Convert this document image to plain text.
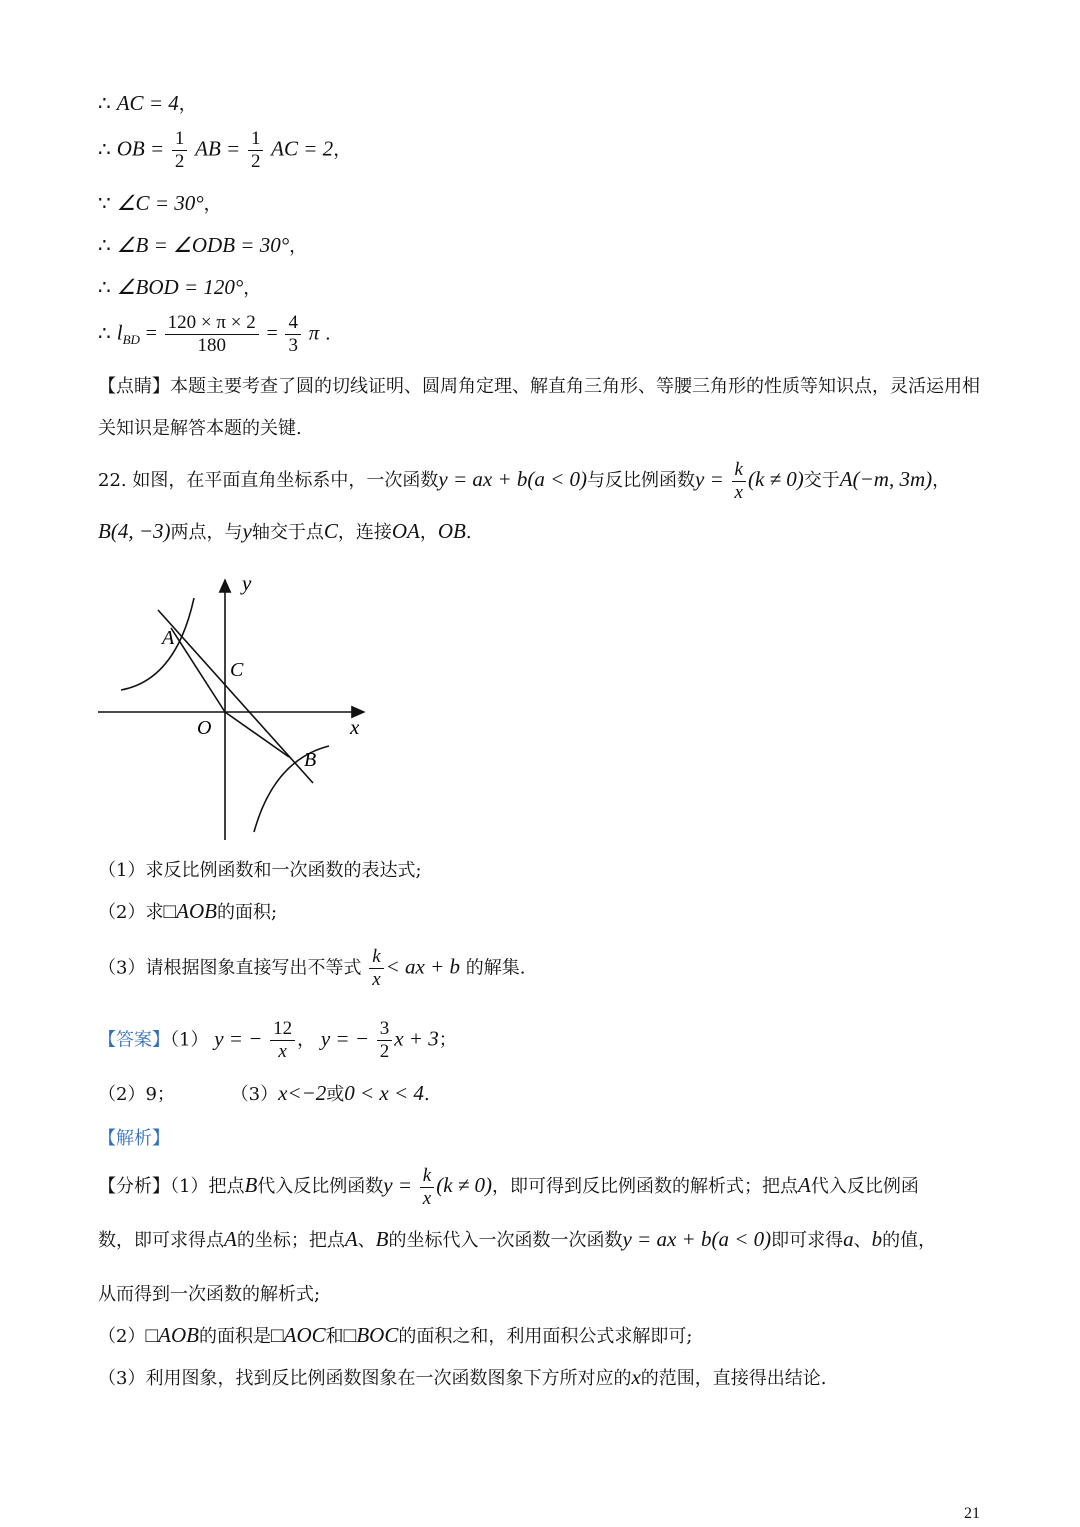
∴ AC = 4，
∴ OB = $\frac{1}{2}$ AB = $\frac{1}{2}$ AC = 2，
∵ ∠C = 30°，
∴ ∠B = ∠ODB = 30°，
∴ ∠BOD = 120°，
∴ $l_{BD} = \frac{120 \times \pi \times 2}{180} = \frac{4}{3}$ π .
【点睛】本题主要考查了圆的切线证明、圆周角定理、解直角三角形、等腰三角形的性质等知识点，灵活运用相关知识是解答本题的关键.
22. 如图，在平面直角坐标系中，一次函数y = ax + b(a < 0)与反比例函数$y = \frac{k}{x} (k \ne 0)$交于A(−m, 3m)，
B(4, −3)两点，与y轴交于点C，连接OA，OB.
y
x
A
C
O
B
（1）求反比例函数和一次函数的表达式;
（2）求□AOB的面积;
（3）请根据图象直接写出不等式 $\frac{k}{x}$ < ax + b 的解集.
【答案】（1） y = − $\frac{12}{x}$ ， y = − $\frac{3}{2}$ x + 3；
（2）9；	（3）x<−2或0 < x < 4.
【解析】
【分析】（1）把点B代入反比例函数$y = \frac{k}{x} (k \ne 0)$，即可得到反比例函数的解析式；把点A代入反比例函
数，即可求得点A的坐标；把点A、B的坐标代入一次函数一次函数y = ax + b(a < 0)即可求得a、b的值，
从而得到一次函数的解析式;
（2）□AOB的面积是□AOC和□BOC的面积之和，利用面积公式求解即可;
（3）利用图象，找到反比例函数图象在一次函数图象下方所对应的x的范围，直接得出结论.
21
